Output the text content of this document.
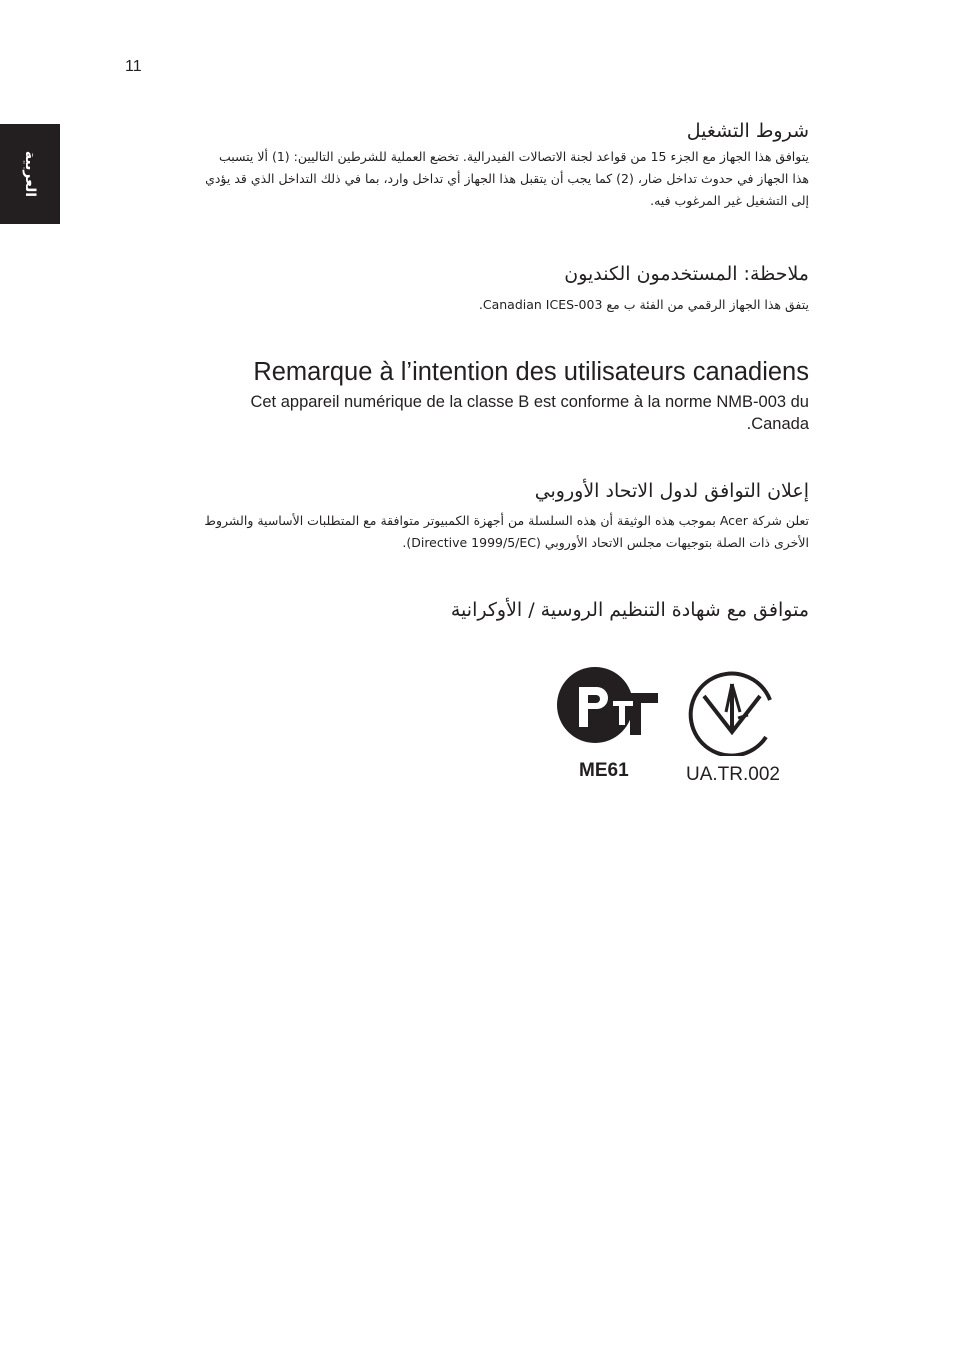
11
العربية
شروط التشغيل

يتوافق هذا الجهاز مع الجزء 15 من قواعد لجنة الاتصالات الفيدرالية. تخضع العملية للشرطين التاليين: (1) ألا يتسبب

هذا الجهاز في حدوث تداخل ضار، (2) كما يجب أن يتقبل هذا الجهاز أي تداخل وارد، بما في ذلك التداخل الذي قد يؤدي

إلى التشغيل غير المرغوب فيه.

ملاحظة: المستخدمون الكنديون

يتفق هذا الجهاز الرقمي من الفئة ب مع Canadian ICES-003.

Remarque à l’intention des utilisateurs canadiens

Cet appareil numérique de la classe B est conforme à la norme NMB-003 du

.Canada

إعلان التوافق لدول الاتحاد الأوروبي

تعلن شركة Acer بموجب هذه الوثيقة أن هذه السلسلة من أجهزة الكمبيوتر متوافقة مع المتطلبات الأساسية والشروط

الأخرى ذات الصلة بتوجيهات مجلس الاتحاد الأوروبي (Directive 1999/5/EC).

متوافق مع شهادة التنظيم الروسية / الأوكرانية
ME61	UA.TR.002
